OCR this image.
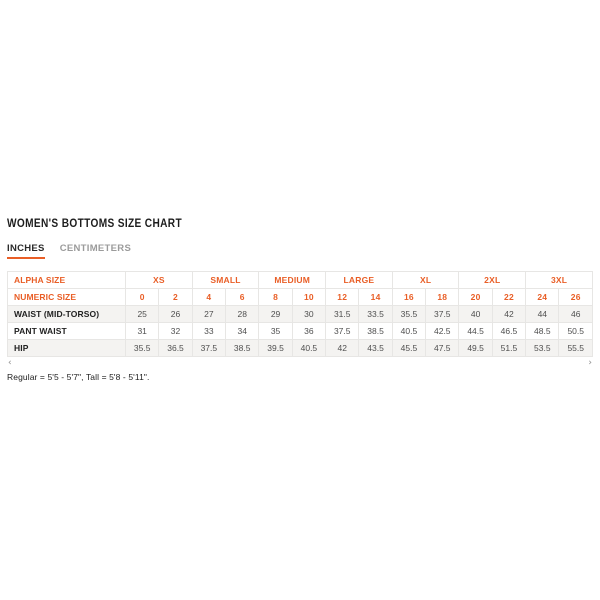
WOMEN'S BOTTOMS SIZE CHART
INCHES CENTIMETERS
ALPHA SIZE	XS		SMALL		MEDIUM		LARGE		XL		2XL		3XL	
NUMERIC SIZE	0	2	4	6	8	10	12	14	16	18	20	22	24	26
WAIST (MID-TORSO)	25	26	27	28	29	30	31.5	33.5	35.5	37.5	40	42	44	46
PANT WAIST	31	32	33	34	35	36	37.5	38.5	40.5	42.5	44.5	46.5	48.5	50.5
HIP	35.5	36.5	37.5	38.5	39.5	40.5	42	43.5	45.5	47.5	49.5	51.5	53.5	55.5
‹	›

Regular = 5'5 - 5'7", Tall = 5'8 - 5'11".
